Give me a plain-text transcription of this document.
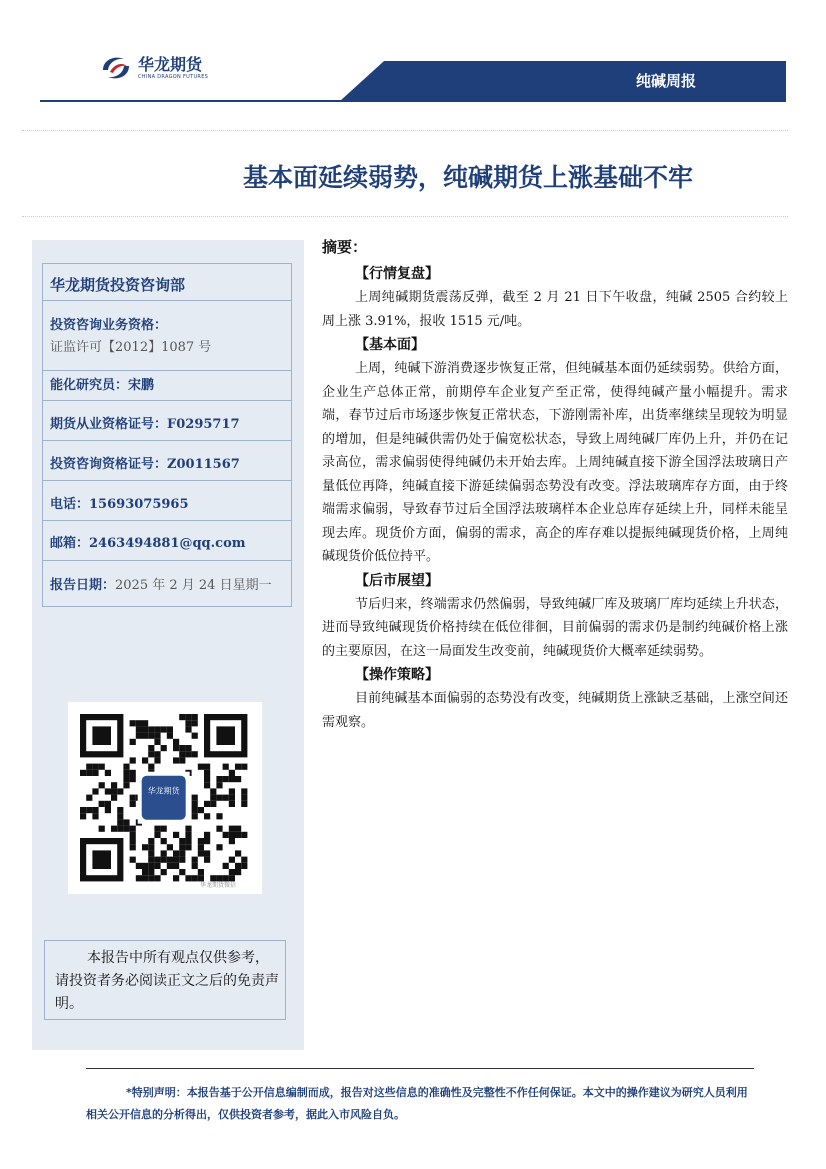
华龙期货
CHINA DRAGON FUTURES	纯碱周报
基本面延续弱势，纯碱期货上涨基础不牢
华龙期货投资咨询部
投资咨询业务资格：
证监许可【2012】1087 号
能化研究员：宋鹏
期货从业资格证号：F0295717
投资咨询资格证号：Z0011567
电话：15693075965
邮箱：2463494881@qq.com
报告日期：2025 年 2 月 24 日星期一
华龙期货
华龙期货微信
本报告中所有观点仅供参考，请投资者务必阅读正文之后的免责声明。
摘要：
【行情复盘】

上周纯碱期货震荡反弹，截至 2 月 21 日下午收盘，纯碱 2505 合约较上周上涨 3.91%，报收 1515 元/吨。

【基本面】

上周，纯碱下游消费逐步恢复正常，但纯碱基本面仍延续弱势。供给方面，企业生产总体正常，前期停车企业复产至正常，使得纯碱产量小幅提升。需求端，春节过后市场逐步恢复正常状态，下游刚需补库，出货率继续呈现较为明显的增加，但是纯碱供需仍处于偏宽松状态，导致上周纯碱厂库仍上升，并仍在记录高位，需求偏弱使得纯碱仍未开始去库。上周纯碱直接下游全国浮法玻璃日产量低位再降，纯碱直接下游延续偏弱态势没有改变。浮法玻璃库存方面，由于终端需求偏弱，导致春节过后全国浮法玻璃样本企业总库存延续上升，同样未能呈现去库。现货价方面，偏弱的需求，高企的库存难以提振纯碱现货价格，上周纯碱现货价低位持平。

【后市展望】

节后归来，终端需求仍然偏弱，导致纯碱厂库及玻璃厂库均延续上升状态，进而导致纯碱现货价格持续在低位徘徊，目前偏弱的需求仍是制约纯碱价格上涨的主要原因，在这一局面发生改变前，纯碱现货价大概率延续弱势。

【操作策略】

目前纯碱基本面偏弱的态势没有改变，纯碱期货上涨缺乏基础，上涨空间还需观察。

*特别声明：本报告基于公开信息编制而成，报告对这些信息的准确性及完整性不作任何保证。本文中的操作建议为研究人员利用相关公开信息的分析得出，仅供投资者参考，据此入市风险自负。
